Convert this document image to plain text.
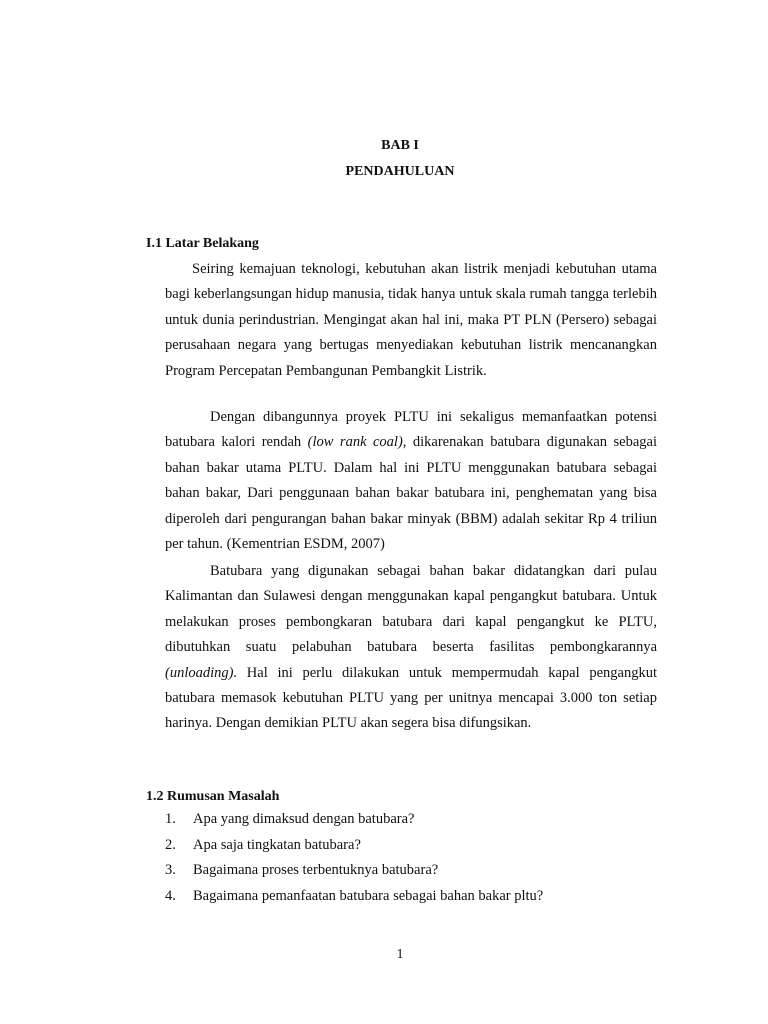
BAB I
PENDAHULUAN
I.1 Latar Belakang

Seiring kemajuan teknologi, kebutuhan akan listrik menjadi kebutuhan utama bagi keberlangsungan hidup manusia, tidak hanya untuk skala rumah tangga terlebih untuk dunia perindustrian. Mengingat akan hal ini, maka PT PLN (Persero) sebagai perusahaan negara yang bertugas menyediakan kebutuhan listrik mencanangkan Program Percepatan Pembangunan Pembangkit Listrik.

Dengan dibangunnya proyek PLTU ini sekaligus memanfaatkan potensi batubara kalori rendah (low rank coal), dikarenakan batubara digunakan sebagai bahan bakar utama PLTU. Dalam hal ini PLTU menggunakan batubara sebagai bahan bakar, Dari penggunaan bahan bakar batubara ini, penghematan yang bisa diperoleh dari pengurangan bahan bakar minyak (BBM) adalah sekitar Rp 4 triliun per tahun. (Kementrian ESDM, 2007)

Batubara yang digunakan sebagai bahan bakar didatangkan dari pulau Kalimantan dan Sulawesi dengan menggunakan kapal pengangkut batubara. Untuk melakukan proses pembongkaran batubara dari kapal pengangkut ke PLTU, dibutuhkan suatu pelabuhan batubara beserta fasilitas pembongkarannya (unloading). Hal ini perlu dilakukan untuk mempermudah kapal pengangkut batubara memasok kebutuhan PLTU yang per unitnya mencapai 3.000 ton setiap harinya. Dengan demikian PLTU akan segera bisa difungsikan.

1.2 Rumusan Masalah
1.	Apa yang dimaksud dengan batubara?
2.	Apa saja tingkatan batubara?
3.	Bagaimana proses terbentuknya batubara?
4.	Bagaimana pemanfaatan batubara sebagai bahan bakar pltu?
1
